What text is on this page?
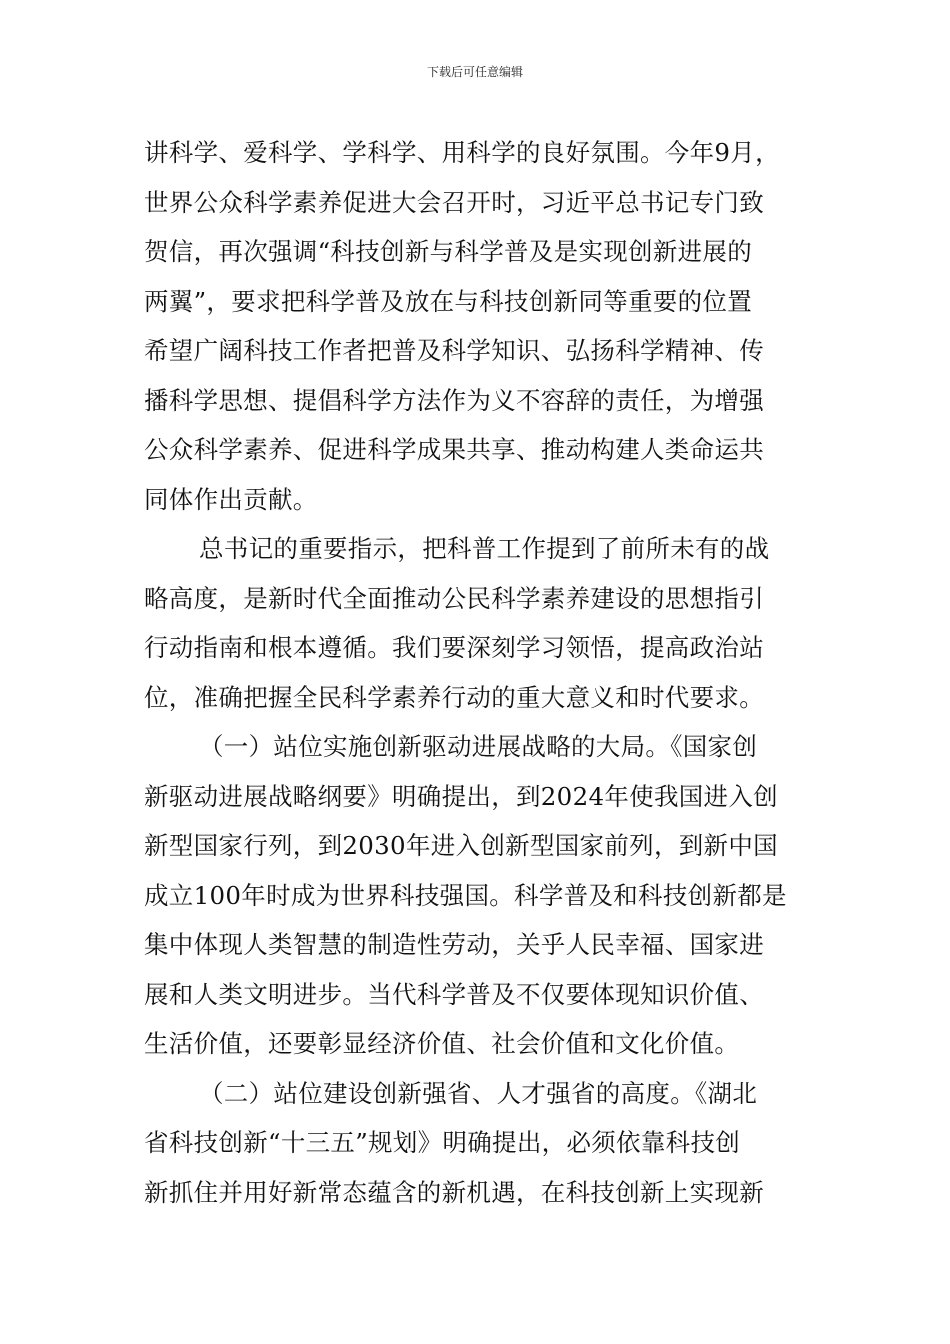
下载后可任意编辑
讲科学、爱科学、学科学、用科学的良好氛围。今年9月，
世界公众科学素养促进大会召开时，习近平总书记专门致
贺信，再次强调“科技创新与科学普及是实现创新进展的
两翼”，要求把科学普及放在与科技创新同等重要的位置
希望广阔科技工作者把普及科学知识、弘扬科学精神、传
播科学思想、提倡科学方法作为义不容辞的责任，为增强
公众科学素养、促进科学成果共享、推动构建人类命运共
同体作出贡献。
总书记的重要指示，把科普工作提到了前所未有的战
略高度，是新时代全面推动公民科学素养建设的思想指引
行动指南和根本遵循。我们要深刻学习领悟，提高政治站
位，准确把握全民科学素养行动的重大意义和时代要求。
（一）站位实施创新驱动进展战略的大局。《国家创
新驱动进展战略纲要》明确提出，到2024年使我国进入创
新型国家行列，到2030年进入创新型国家前列，到新中国
成立100年时成为世界科技强国。科学普及和科技创新都是
集中体现人类智慧的制造性劳动，关乎人民幸福、国家进
展和人类文明进步。当代科学普及不仅要体现知识价值、
生活价值，还要彰显经济价值、社会价值和文化价值。
（二）站位建设创新强省、人才强省的高度。《湖北
省科技创新“十三五”规划》明确提出，必须依靠科技创
新抓住并用好新常态蕴含的新机遇，在科技创新上实现新
